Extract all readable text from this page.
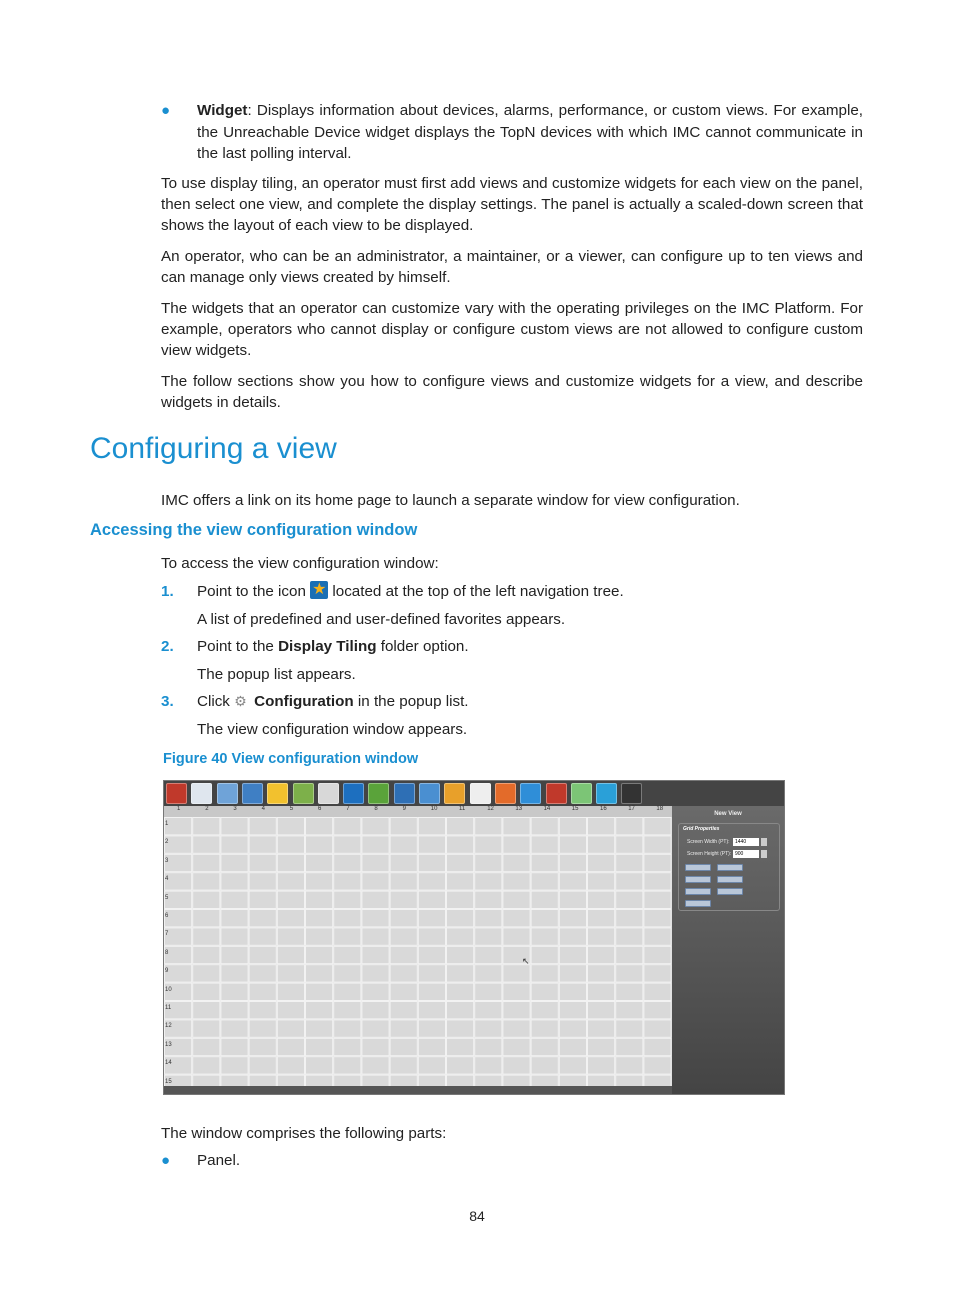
● Widget: Displays information about devices, alarms, performance, or custom views. For example, the Unreachable Device widget displays the TopN devices with which IMC cannot communicate in the last polling interval.

To use display tiling, an operator must first add views and customize widgets for each view on the panel, then select one view, and complete the display settings. The panel is actually a scaled-down screen that shows the layout of each view to be displayed.

An operator, who can be an administrator, a maintainer, or a viewer, can configure up to ten views and can manage only views created by himself.

The widgets that an operator can customize vary with the operating privileges on the IMC Platform. For example, operators who cannot display or configure custom views are not allowed to configure custom view widgets.

The follow sections show you how to configure views and customize widgets for a view, and describe widgets in details.

Configuring a view

IMC offers a link on its home page to launch a separate window for view configuration.

Accessing the view configuration window

To access the view configuration window:

1. Point to the icon ★ located at the top of the left navigation tree.
A list of predefined and user-defined favorites appears.
2. Point to the Display Tiling folder option.
The popup list appears.
3. Click ⚙ Configuration in the popup list.
The view configuration window appears.
Figure 40 View configuration window
1	2	3	4	5	6	7	8	9	10	11	12	13	14	15	16	17	18
1
2
3
4
5
6
7
8
9
10
11
12
13
14
15
↖
New View
Grid Properties
Screen Width (PT):	1440
Screen Height (PT): 900

The window comprises the following parts:

● Panel.
84
